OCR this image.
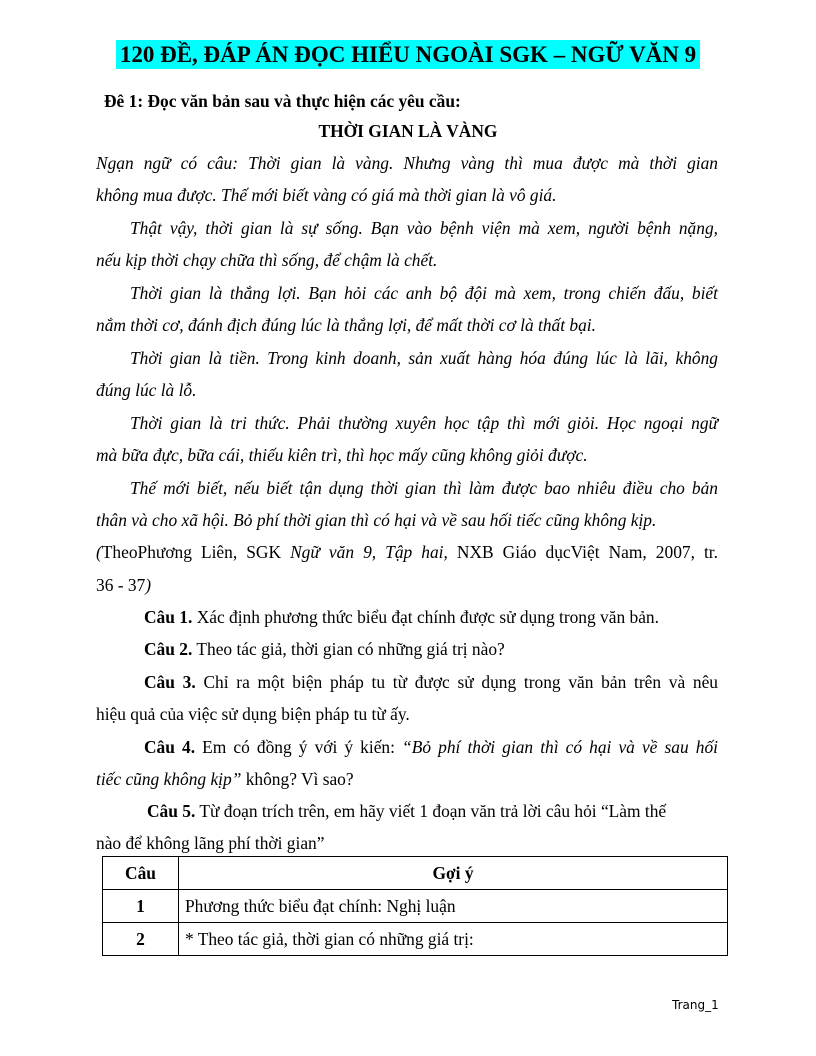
120 ĐỀ, ĐÁP ÁN ĐỌC HIỂU NGOÀI SGK – NGỮ VĂN 9
Đê 1: Đọc văn bản sau và thực hiện các yêu cầu:
THỜI GIAN LÀ VÀNG
Ngạn ngữ có câu: Thời gian là vàng. Nhưng vàng thì mua được mà thời gian
không mua được. Thế mới biết vàng có giá mà thời gian là vô giá.
Thật vậy, thời gian là sự sống. Bạn vào bệnh viện mà xem, người bệnh nặng,
nếu kịp thời chạy chữa thì sống, để chậm là chết.
Thời gian là thắng lợi. Bạn hỏi các anh bộ đội mà xem, trong chiến đấu, biết
nắm thời cơ, đánh địch đúng lúc là thắng lợi, để mất thời cơ là thất bại.
Thời gian là tiền. Trong kinh doanh, sản xuất hàng hóa đúng lúc là lãi, không
đúng lúc là lỗ.
Thời gian là tri thức. Phải thường xuyên học tập thì mới giỏi. Học ngoại ngữ
mà bữa đực, bữa cái, thiếu kiên trì, thì học mấy cũng không giỏi được.
Thế mới biết, nếu biết tận dụng thời gian thì làm được bao nhiêu điều cho bản
thân và cho xã hội. Bỏ phí thời gian thì có hại và về sau hối tiếc cũng không kịp.
(TheoPhương Liên, SGK Ngữ văn 9, Tập hai, NXB Giáo dụcViệt Nam, 2007, tr.
36 - 37)
Câu 1. Xác định phương thức biểu đạt chính được sử dụng trong văn bản.
Câu 2. Theo tác giả, thời gian có những giá trị nào?
Câu 3. Chỉ ra một biện pháp tu từ được sử dụng trong văn bản trên và nêu
hiệu quả của việc sử dụng biện pháp tu từ ấy.
Câu 4. Em có đồng ý với ý kiến: “Bỏ phí thời gian thì có hại và về sau hối
tiếc cũng không kịp” không? Vì sao?
Câu 5. Từ đoạn trích trên, em hãy viết 1 đoạn văn trả lời câu hỏi “Làm thế
nào để không lãng phí thời gian”
Câu	Gợi ý
1	Phương thức biểu đạt chính: Nghị luận
2	* Theo tác giả, thời gian có những giá trị:
Trang_1
